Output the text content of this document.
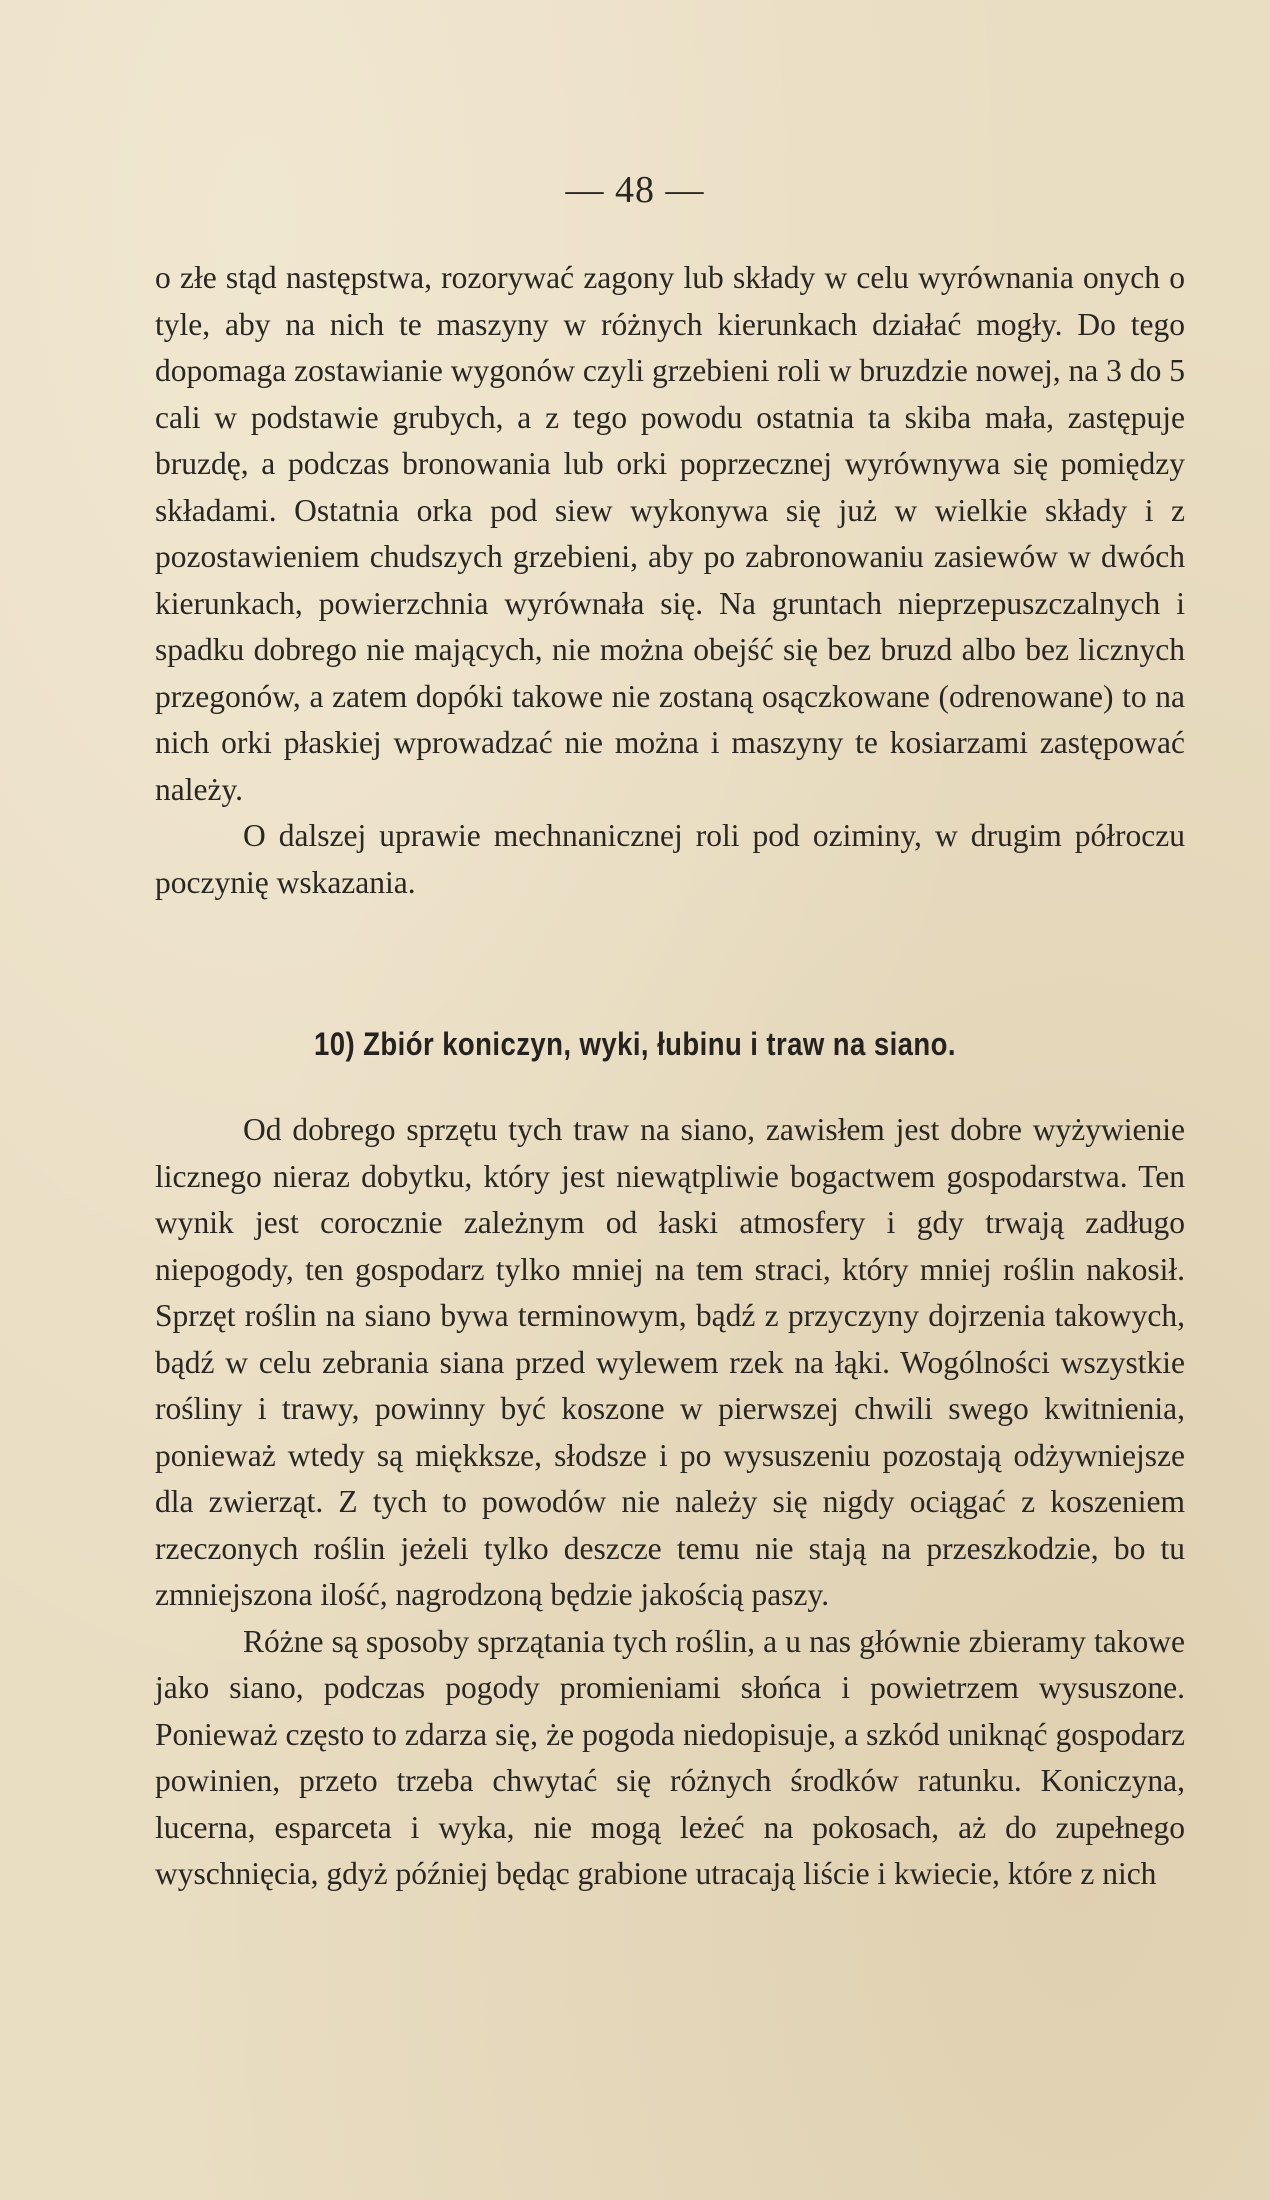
— 48 —

o złe stąd następstwa, rozorywać zagony lub składy w celu wyrównania onych o tyle, aby na nich te maszyny w różnych kierunkach działać mogły. Do tego dopomaga zostawianie wygonów czyli grzebieni roli w bruzdzie nowej, na 3 do 5 cali w podstawie grubych, a z tego powodu ostatnia ta skiba mała, zastępuje bruzdę, a podczas bronowania lub orki poprzecznej wyrównywa się pomiędzy składami. Ostatnia orka pod siew wykonywa się już w wielkie składy i z pozostawieniem chudszych grzebieni, aby po zabronowaniu zasiewów w dwóch kierunkach, powierzchnia wyrównała się. Na gruntach nieprzepuszczalnych i spadku dobrego nie mających, nie można obejść się bez bruzd albo bez licznych przegonów, a zatem dopóki takowe nie zostaną osączkowane (odrenowane) to na nich orki płaskiej wprowadzać nie można i maszyny te kosiarzami zastępować należy.

O dalszej uprawie mechnanicznej roli pod oziminy, w drugim półroczu poczynię wskazania.

10) Zbiór koniczyn, wyki, łubinu i traw na siano.

Od dobrego sprzętu tych traw na siano, zawisłem jest dobre wyżywienie licznego nieraz dobytku, który jest niewątpliwie bogactwem gospodarstwa. Ten wynik jest corocznie zależnym od łaski atmosfery i gdy trwają zadługo niepogody, ten gospodarz tylko mniej na tem straci, który mniej roślin nakosił. Sprzęt roślin na siano bywa terminowym, bądź z przyczyny dojrzenia takowych, bądź w celu zebrania siana przed wylewem rzek na łąki. Wogólności wszystkie rośliny i trawy, powinny być koszone w pierwszej chwili swego kwitnienia, ponieważ wtedy są miękksze, słodsze i po wysuszeniu pozostają odżywniejsze dla zwierząt. Z tych to powodów nie należy się nigdy ociągać z koszeniem rzeczonych roślin jeżeli tylko deszcze temu nie stają na przeszkodzie, bo tu zmniejszona ilość, nagrodzoną będzie jakością paszy.

Różne są sposoby sprzątania tych roślin, a u nas głównie zbieramy takowe jako siano, podczas pogody promieniami słońca i powietrzem wysuszone. Ponieważ często to zdarza się, że pogoda niedopisuje, a szkód uniknąć gospodarz powinien, przeto trzeba chwytać się różnych środków ratunku. Koniczyna, lucerna, esparceta i wyka, nie mogą leżeć na pokosach, aż do zupełnego wyschnięcia, gdyż później będąc grabione utracają liście i kwiecie, które z nich
